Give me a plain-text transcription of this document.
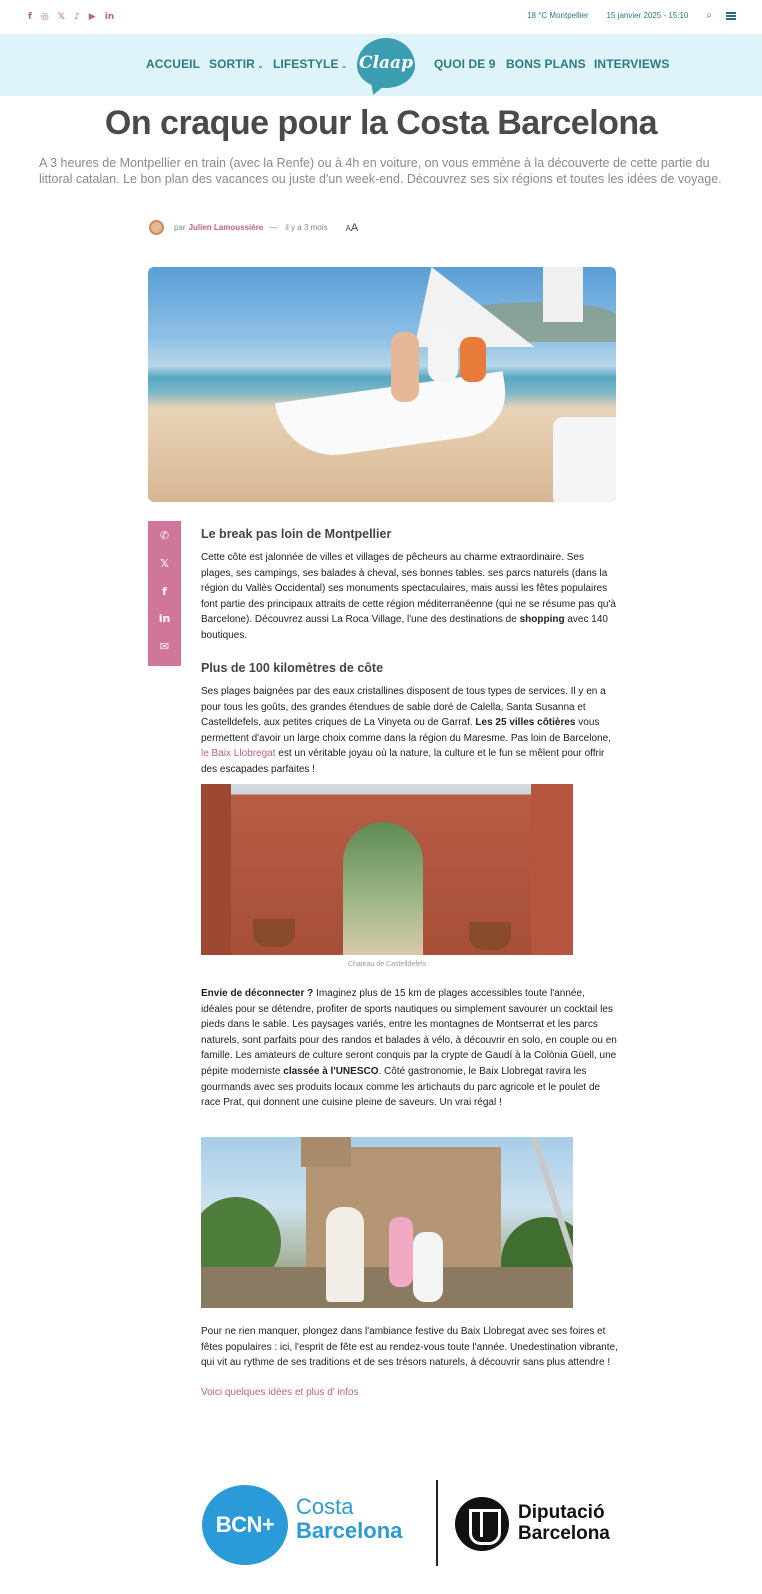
f ◎ 𝕏 ♪ ▶ in	18 °C Montpellier 15 janvier 2025 - 15:10 ⌕
ACCUEIL SORTIR ⌄ LIFESTYLE ⌄ Claap QUOI DE 9 BONS PLANS INTERVIEWS
On craque pour la Costa Barcelona

A 3 heures de Montpellier en train (avec la Renfe) ou à 4h en voiture, on vous emmène à la découverte de cette partie du littoral catalan. Le bon plan des vacances ou juste d'un week-end. Découvrez ses six régions et toutes les idées de voyage.

par Julien Lamoussière — il y a 3 mois AA
✆
𝕏
f
in
✉
Le break pas loin de Montpellier

Cette côte est jalonnée de villes et villages de pêcheurs au charme extraordinaire. Ses plages, ses campings, ses balades à cheval, ses bonnes tables. ses parcs naturels (dans la région du Vallès Occidental) ses monuments spectaculaires, mais aussi les fêtes populaires font partie des principaux attraits de cette région méditerranéenne (qui ne se résume pas qu'à Barcelone). Découvrez aussi La Roca Village, l'une des destinations de shopping avec 140 boutiques.

Plus de 100 kilomètres de côte

Ses plages baignées par des eaux cristallines disposent de tous types de services. Il y en a pour tous les goûts, des grandes étendues de sable doré de Calella, Santa Susanna et Castelldefels, aux petites criques de La Vinyeta ou de Garraf. Les 25 villes côtières vous permettent d'avoir un large choix comme dans la région du Maresme. Pas loin de Barcelone, le Baix Llobregat est un véritable joyau où la nature, la culture et le fun se mêlent pour offrir des escapades parfaites !

Chateau de Castelldefels

Envie de déconnecter ? Imaginez plus de 15 km de plages accessibles toute l'année, idéales pour se détendre, profiter de sports nautiques ou simplement savourer un cocktail les pieds dans le sable. Les paysages variés, entre les montagnes de Montserrat et les parcs naturels, sont parfaits pour des randos et balades à vélo, à découvrir en solo, en couple ou en famille. Les amateurs de culture seront conquis par la crypte de Gaudí à la Colònia Güell, une pépite moderniste classée à l'UNESCO. Côté gastronomie, le Baix Llobregat ravira les gourmands avec ses produits locaux comme les artichauts du parc agricole et le poulet de race Prat, qui donnent une cuisine pleine de saveurs. Un vrai régal !

Pour ne rien manquer, plongez dans l'ambiance festive du Baix Llobregat avec ses foires et fêtes populaires : ici, l'esprit de fête est au rendez-vous toute l'année. Unedestination vibrante, qui vit au rythme de ses traditions et de ses trésors naturels, à découvrir sans plus attendre !

Voici quelques idées et plus d' infos

BCN+
Costa
Barcelona
Diputació
Barcelona
